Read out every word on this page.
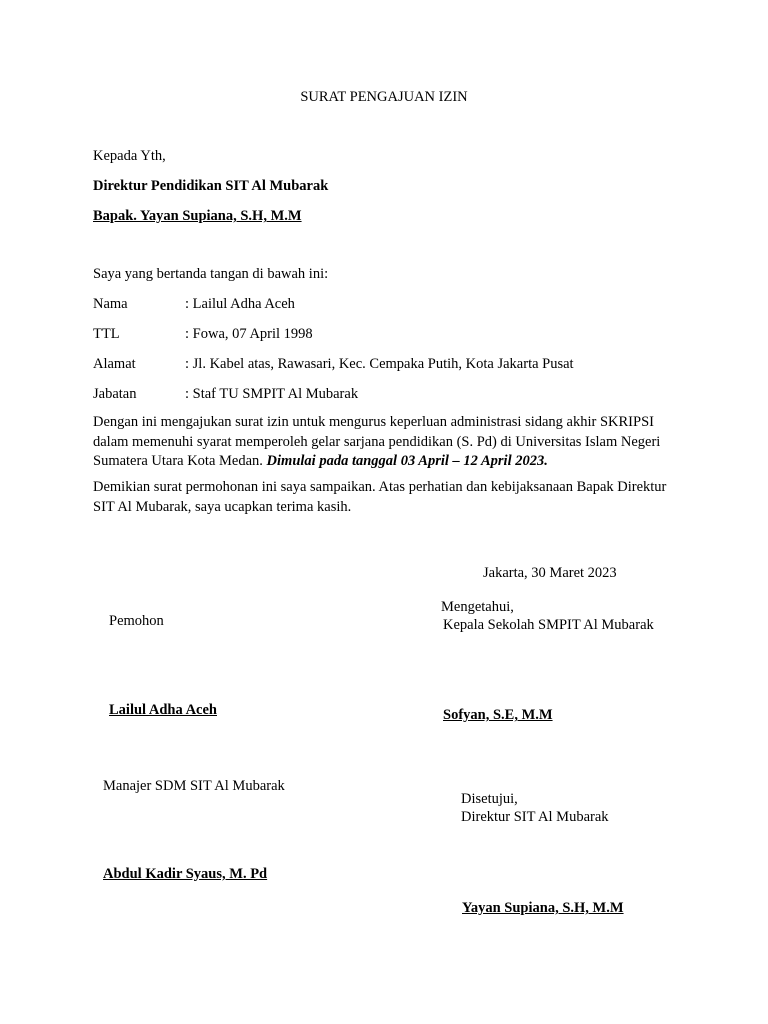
SURAT PENGAJUAN IZIN
Kepada Yth,
Direktur Pendidikan SIT Al Mubarak
Bapak. Yayan Supiana, S.H, M.M
Saya yang bertanda tangan di bawah ini:
Nama	: Lailul Adha Aceh
TTL	: Fowa, 07 April 1998
Alamat	: Jl. Kabel atas, Rawasari, Kec. Cempaka Putih, Kota Jakarta Pusat
Jabatan	: Staf TU SMPIT Al Mubarak
Dengan ini mengajukan surat izin untuk mengurus keperluan administrasi sidang akhir SKRIPSI dalam memenuhi syarat memperoleh gelar sarjana pendidikan (S. Pd) di Universitas Islam Negeri Sumatera Utara Kota Medan. Dimulai pada tanggal 03 April – 12 April 2023.
Demikian surat permohonan ini saya sampaikan. Atas perhatian dan kebijaksanaan Bapak Direktur SIT Al Mubarak, saya ucapkan terima kasih.
Jakarta, 30 Maret 2023
Pemohon
Lailul Adha Aceh
Mengetahui,
Kepala Sekolah SMPIT Al Mubarak
Sofyan, S.E, M.M
Manajer SDM SIT Al Mubarak
Abdul Kadir Syaus, M. Pd
Disetujui,
Direktur SIT Al Mubarak
Yayan Supiana, S.H, M.M
